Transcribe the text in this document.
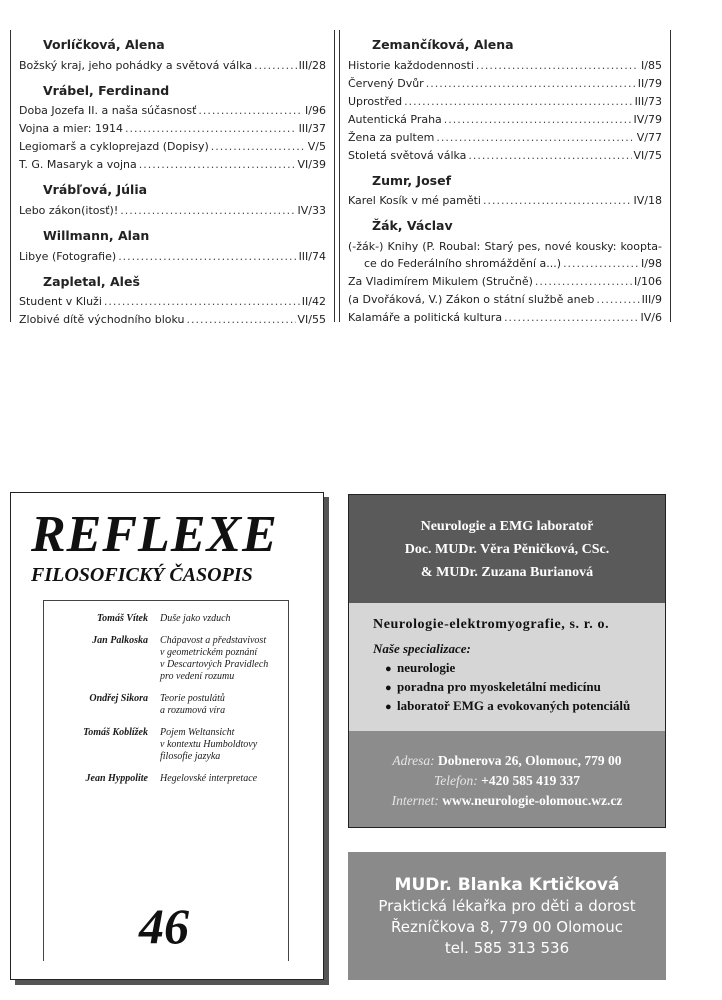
Vorlíčková, Alena
Božský kraj, jeho pohádky a světová válka .....	III/28
Vrábel, Ferdinand
Doba Jozefa II. a naša súčasnosť .....	I/96
Vojna a mier: 1914 .....	III/37
Legiomarš a cykloprejazd (Dopisy) .....	V/5
T. G. Masaryk a vojna .....	VI/39
Vrábľová, Júlia
Lebo zákon(itosť)! .....	IV/33
Willmann, Alan
Libye (Fotografie) .....	III/74
Zapletal, Aleš
Student v Kluži .....	II/42
Zlobivé dítě východního bloku .....	VI/55
Zemančíková, Alena
Historie každodennosti .....	I/85
Červený Dvůr .....	II/79
Uprostřed .....	III/73
Autentická Praha .....	IV/79
Žena za pultem .....	V/77
Stoletá světová válka .....	VI/75
Zumr, Josef
Karel Kosík v mé paměti .....	IV/18
Žák, Václav
(-žák-) Knihy (P. Roubal: Starý pes, nové kousky: koopta-
ce do Federálního shromáždění a...) .....	I/98
Za Vladimírem Mikulem (Stručně) .....	I/106
(a Dvořáková, V.) Zákon o státní službě aneb .....	III/9
Kalamáře a politická kultura .....	IV/6
REFLEXE
FILOSOFICKÝ ČASOPIS
Tomáš Vítek	Duše jako vzduch
Jan Palkoska	Chápavost a představivost
v geometrickém poznání
v Descartových Pravidlech
pro vedení rozumu
Ondřej Sikora	Teorie postulátů
a rozumová víra
Tomáš Koblížek	Pojem Weltansicht
v kontextu Humboldtovy
filosofie jazyka
Jean Hyppolite	Hegelovské interpretace
46
Neurologie a EMG laboratoř
Doc. MUDr. Věra Pěničková, CSc.
& MUDr. Zuzana Burianová
Neurologie-elektromyografie, s. r. o.
Naše specializace:
● neurologie
● poradna pro myoskeletální medicínu
● laboratoř EMG a evokovaných potenciálů
Adresa: Dobnerova 26, Olomouc, 779 00
Telefon: +420 585 419 337
Internet: www.neurologie-olomouc.wz.cz
MUDr. Blanka Krtičková
Praktická lékařka pro děti a dorost
Řezníčkova 8, 779 00 Olomouc
tel. 585 313 536
